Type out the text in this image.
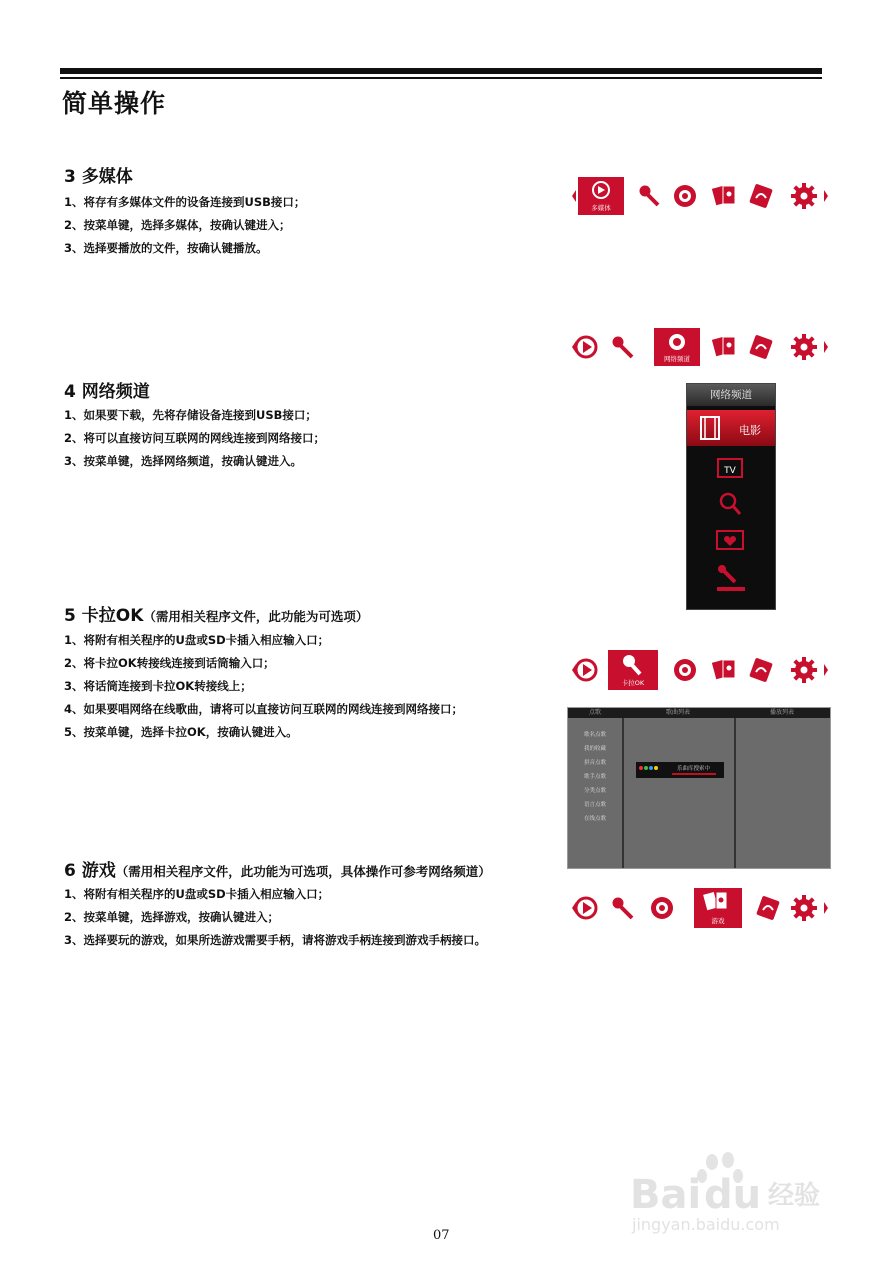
简单操作
3 多媒体
1、将存有多媒体文件的设备连接到USB接口；
2、按菜单键，选择多媒体，按确认键进入；
3、选择要播放的文件，按确认键播放。
多媒体
网络频道
4 网络频道
1、如果要下载，先将存储设备连接到USB接口；
2、将可以直接访问互联网的网线连接到网络接口；
3、按菜单键，选择网络频道，按确认键进入。
网络频道
TV
电影
5 卡拉OK（需用相关程序文件，此功能为可选项）
1、将附有相关程序的U盘或SD卡插入相应输入口；
2、将卡拉OK转接线连接到话筒输入口；
3、将话筒连接到卡拉OK转接线上；
4、如果要唱网络在线歌曲，请将可以直接访问互联网的网线连接到网络接口；
5、按菜单键，选择卡拉OK，按确认键进入。
卡拉OK
点歌
歌名点歌
我的收藏
拼音点歌
歌手点歌
分类点歌
语言点歌
在线点歌
歌曲列表	播放列表
乐曲库搜索中
6 游戏（需用相关程序文件，此功能为可选项，具体操作可参考网络频道）
1、将附有相关程序的U盘或SD卡插入相应输入口；
2、按菜单键，选择游戏，按确认键进入；
3、选择要玩的游戏，如果所选游戏需要手柄，请将游戏手柄连接到游戏手柄接口。
游戏
Bai du 经验
jingyan.baidu.com
07
